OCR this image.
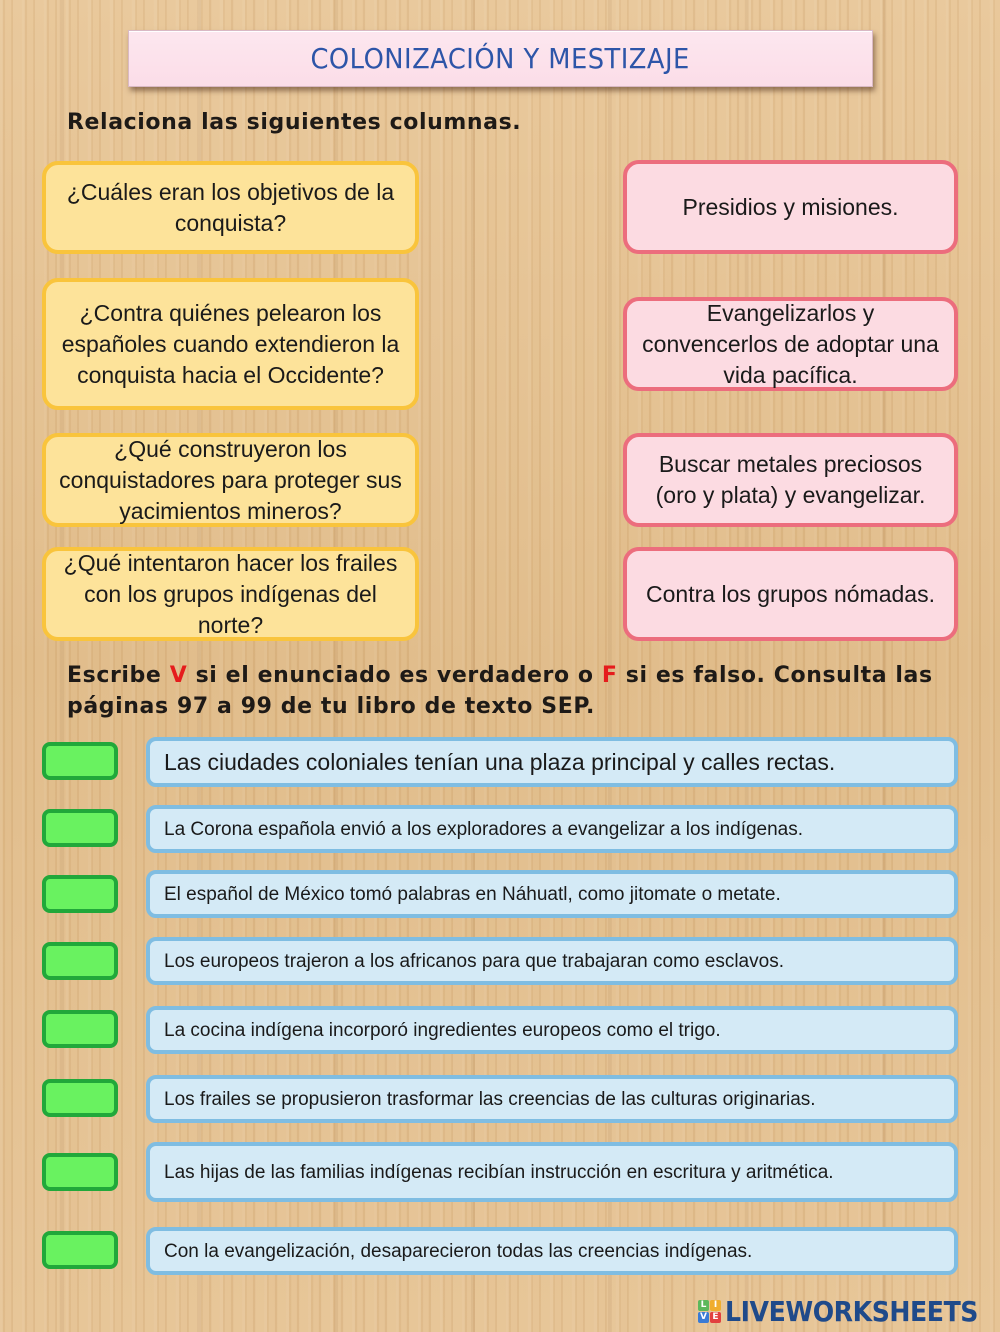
COLONIZACIÓN Y MESTIZAJE
Relaciona las siguientes columnas.
¿Cuáles eran los objetivos de la conquista?
¿Contra quiénes pelearon los españoles cuando extendieron la conquista hacia el Occidente?
¿Qué construyeron los conquistadores para proteger sus yacimientos mineros?
¿Qué intentaron hacer los frailes con los grupos indígenas del norte?
Presidios y misiones.
Evangelizarlos y convencerlos de adoptar una vida pacífica.
Buscar metales preciosos (oro y plata) y evangelizar.
Contra los grupos nómadas.
Escribe V si el enunciado es verdadero o F si es falso. Consulta las páginas 97 a 99 de tu libro de texto SEP.
Las ciudades coloniales tenían una plaza principal y calles rectas.
La Corona española envió a los exploradores a evangelizar a los indígenas.
El español de México tomó palabras en Náhuatl, como jitomate o metate.
Los europeos trajeron a los africanos para que trabajaran como esclavos.
La cocina indígena incorporó ingredientes europeos como el trigo.
Los frailes se propusieron trasformar las creencias de las culturas originarias.
Las hijas de las familias indígenas recibían instrucción en escritura y aritmética.
Con la evangelización, desaparecieron todas las creencias indígenas.
L I
V E LIVEWORKSHEETS
